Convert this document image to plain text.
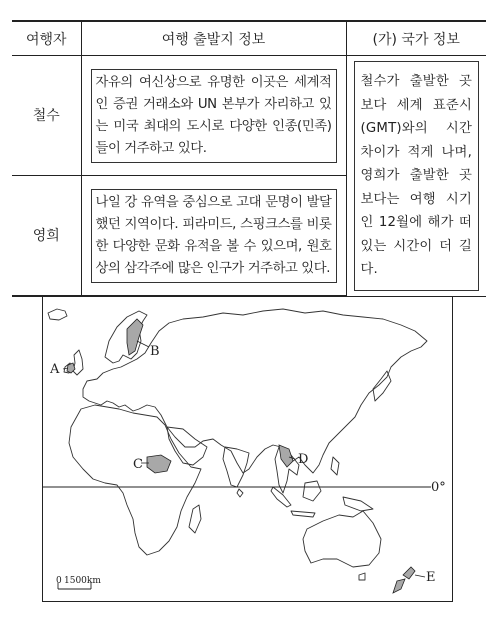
여행자	여행 출발지 정보	(가) 국가 정보
철수	자유의 여신상으로 유명한 이곳은 세계적인 증권 거래소와 UN 본부가 자리하고 있는 미국 최대의 도시로 다양한 인종(민족)들이 거주하고 있다.	철수가 출발한 곳보다 세계 표준시(GMT)와의 시간 차이가 적게 나며, 영희가 출발한 곳보다는 여행 시기인 12월에 해가 떠 있는 시간이 더 길다.

영희	나일 강 유역을 중심으로 고대 문명이 발달했던 지역이다. 피라미드, 스핑크스를 비롯한 다양한 문화 유적을 볼 수 있으며, 원호상의 삼각주에 많은 인구가 거주하고 있다.	
A
B
C	D
E
0°
0 1500km
